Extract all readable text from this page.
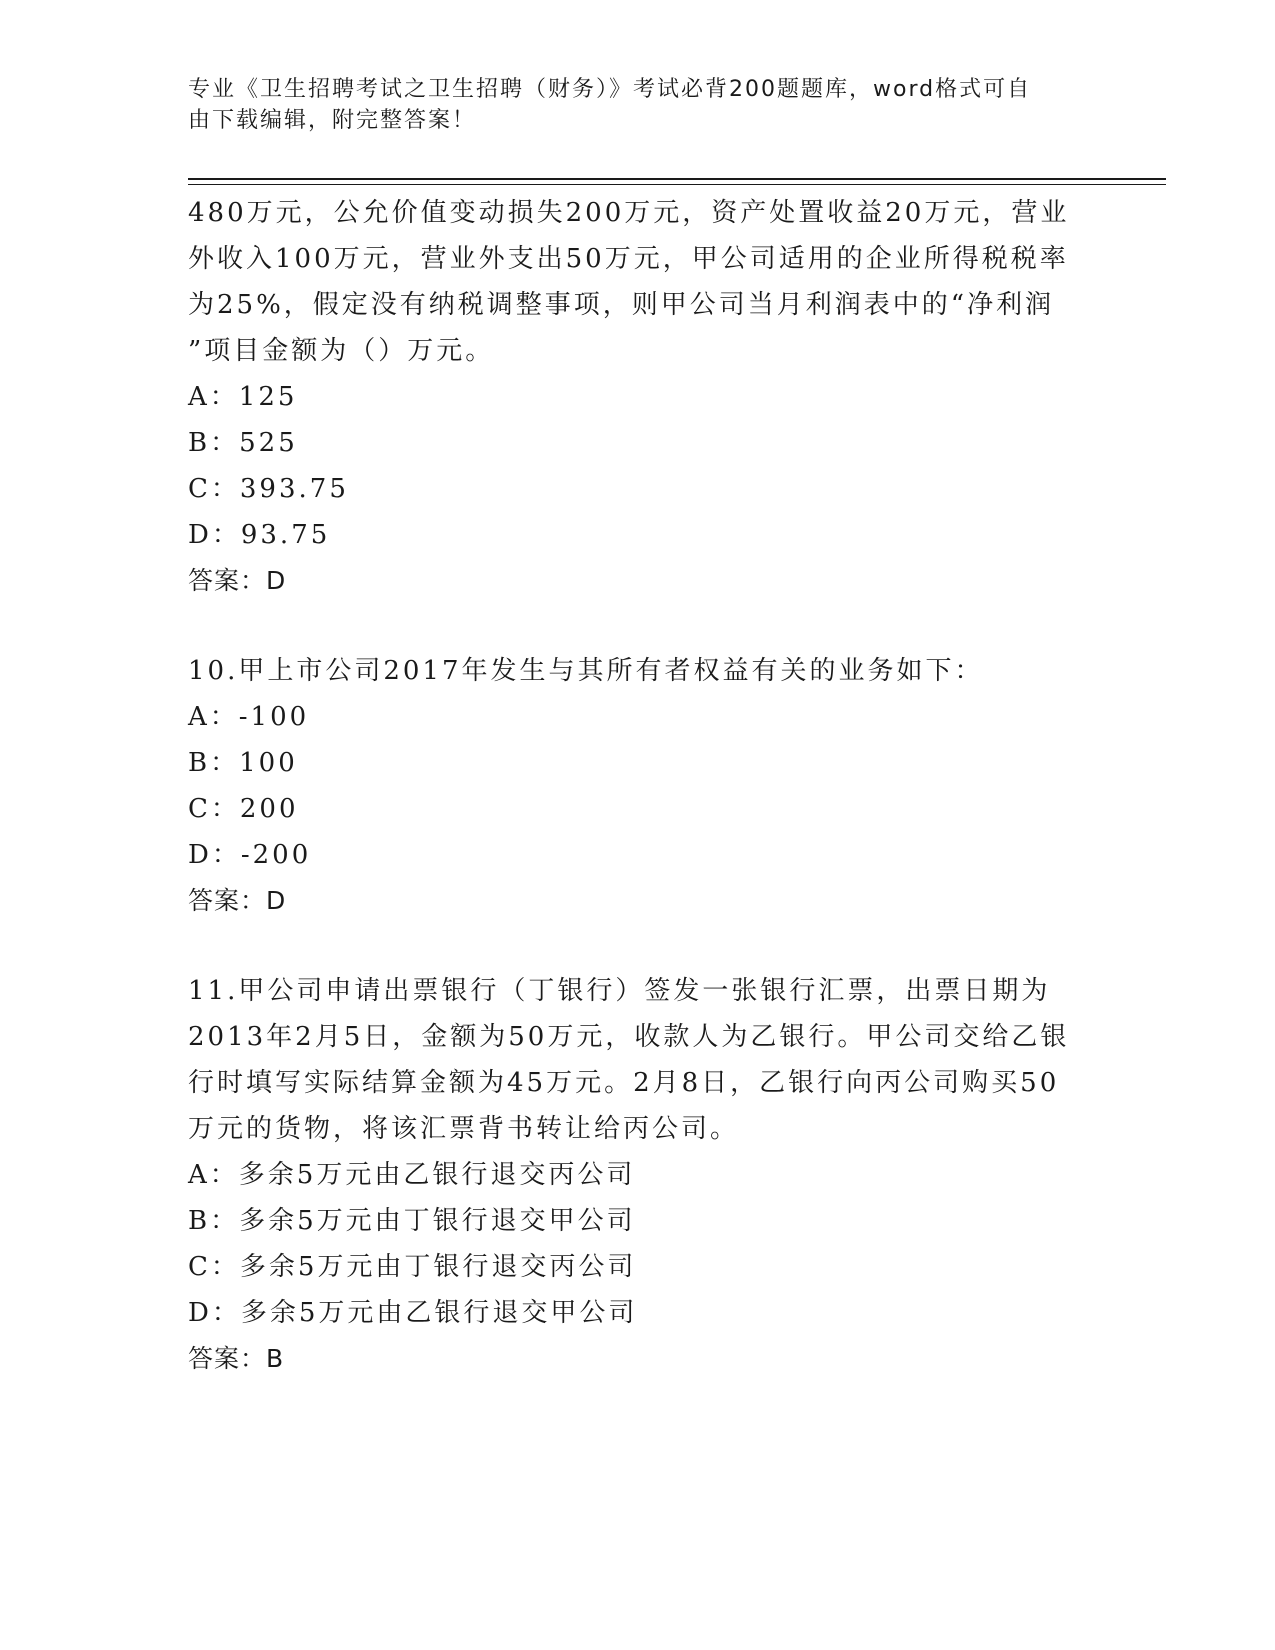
专业《卫生招聘考试之卫生招聘（财务）》考试必背200题题库，word格式可自
由下载编辑，附完整答案！
480万元，公允价值变动损失200万元，资产处置收益20万元，营业
外收入100万元，营业外支出50万元，甲公司适用的企业所得税税率
为25%，假定没有纳税调整事项，则甲公司当月利润表中的“净利润
”项目金额为（）万元。
A：125
B：525
C：393.75
D：93.75
答案：D
10.甲上市公司2017年发生与其所有者权益有关的业务如下：
A：-100
B：100
C：200
D：-200
答案：D
11.甲公司申请出票银行（丁银行）签发一张银行汇票，出票日期为
2013年2月5日，金额为50万元，收款人为乙银行。甲公司交给乙银
行时填写实际结算金额为45万元。2月8日，乙银行向丙公司购买50
万元的货物，将该汇票背书转让给丙公司。
A：多余5万元由乙银行退交丙公司
B：多余5万元由丁银行退交甲公司
C：多余5万元由丁银行退交丙公司
D：多余5万元由乙银行退交甲公司
答案：B
